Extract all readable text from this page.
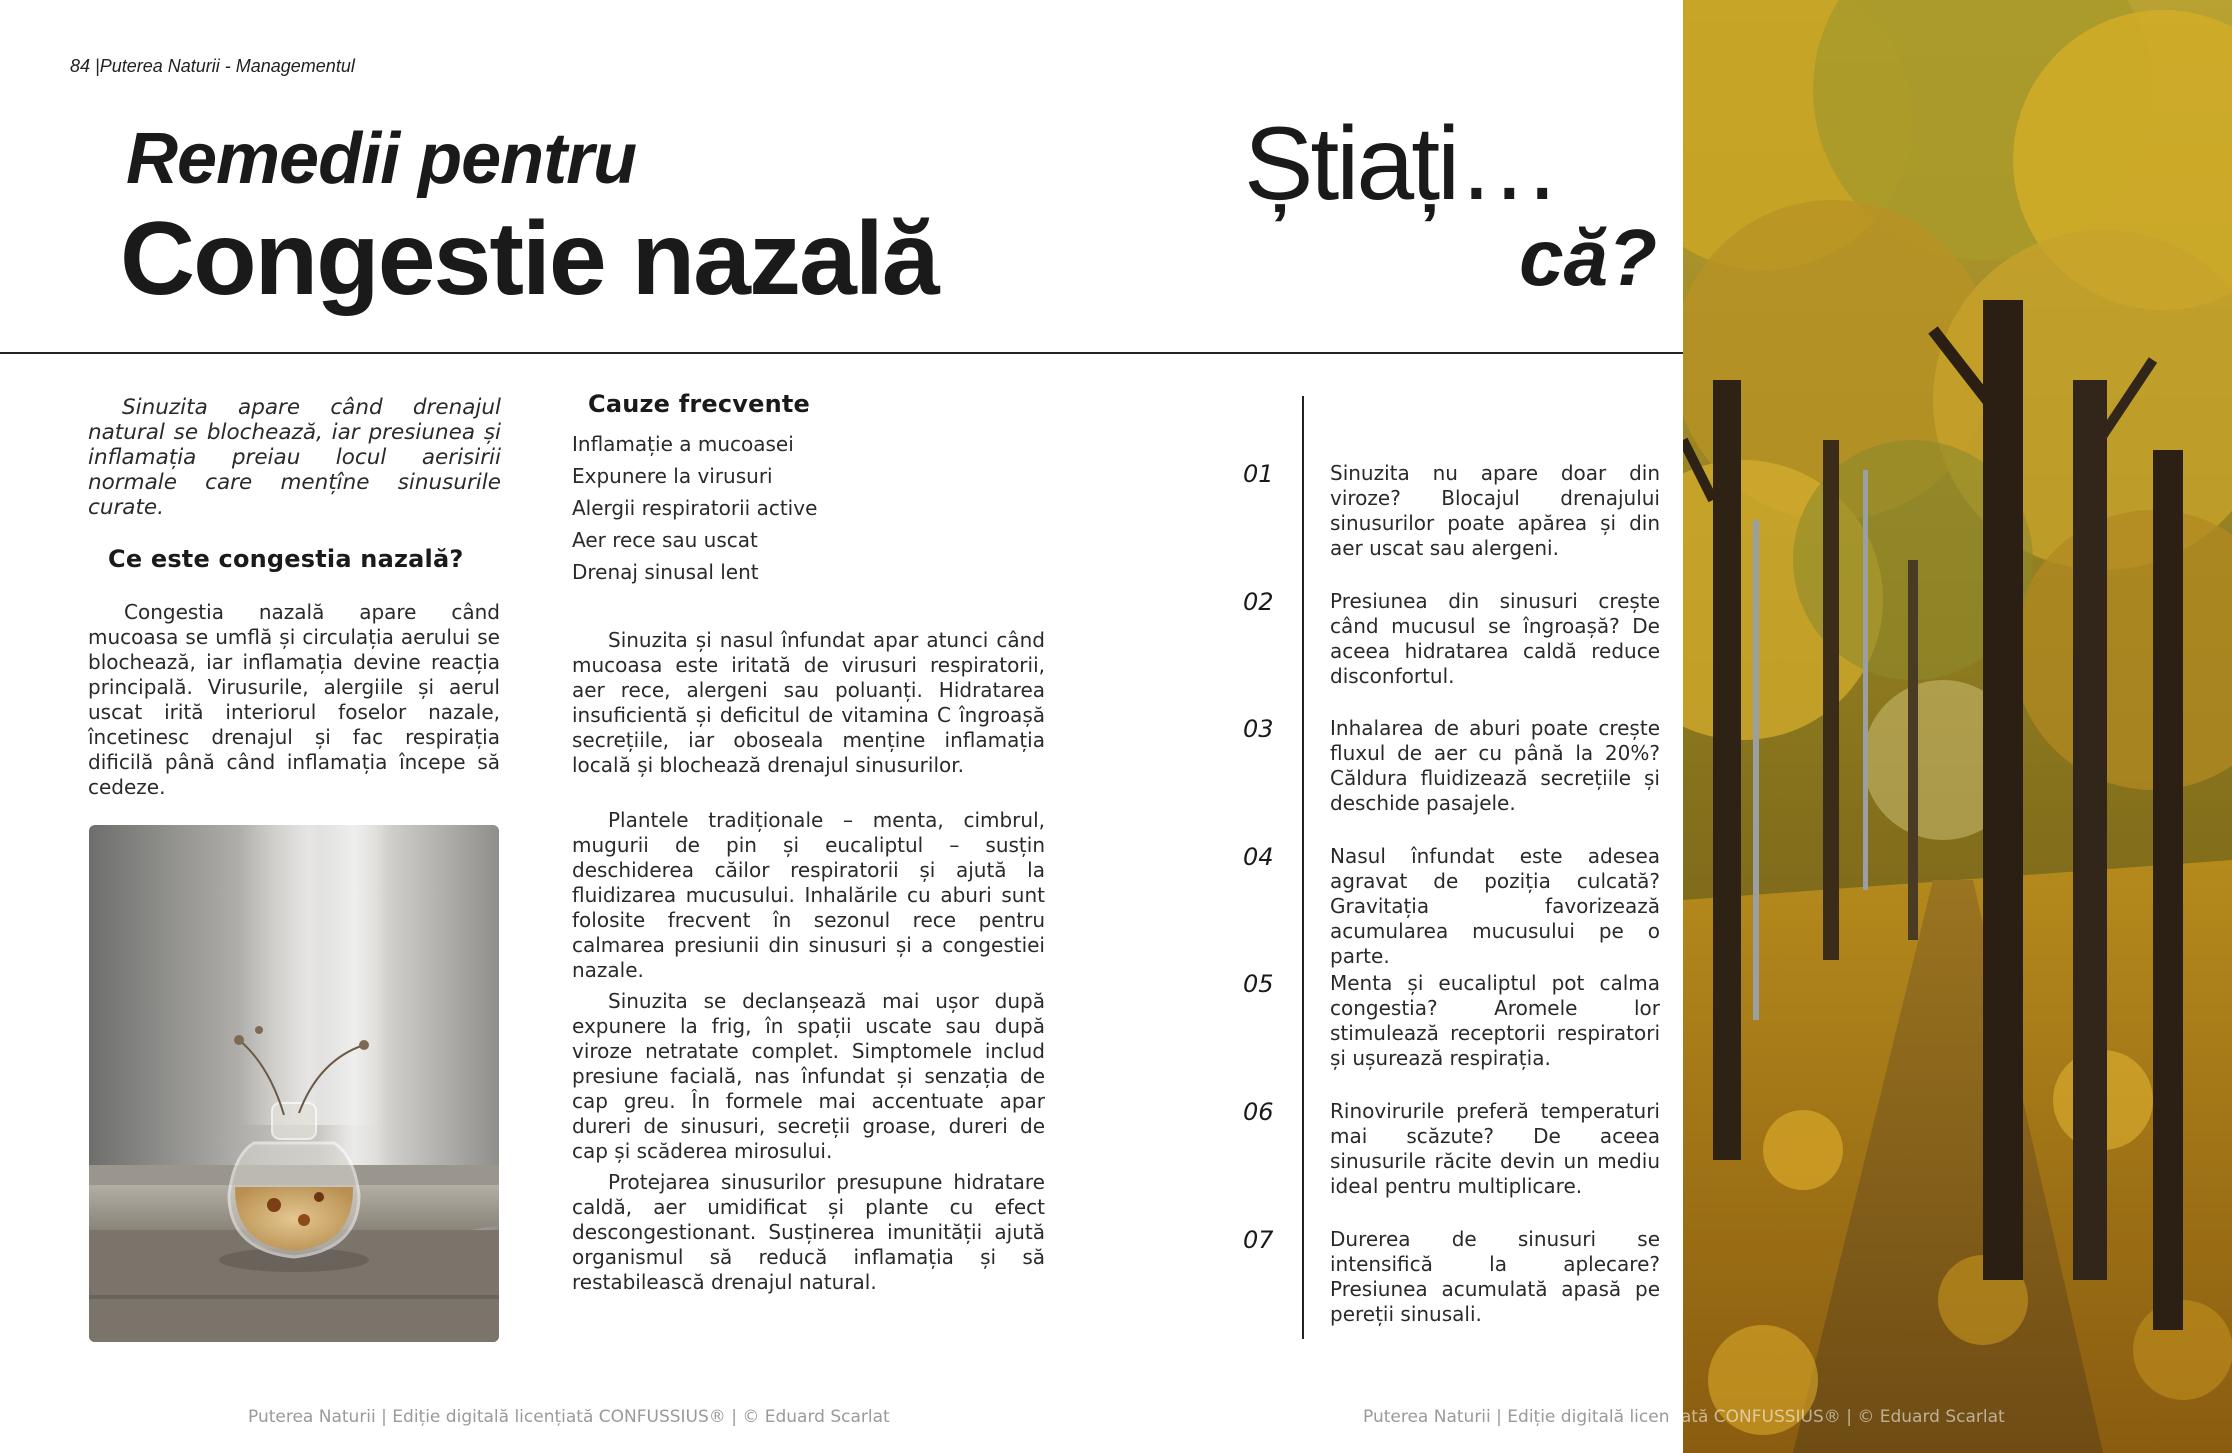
84 |Puterea Naturii - Managementul
Remedii pentru
Congestie nazală
Știați…
că?

Sinuzita apare când drenajul natural se blochează, iar presiunea și inflamația preiau locul aerisirii normale care mențîne sinusurile curate.

Ce este congestia nazală?

Congestia nazală apare când mucoasa se umflă și circulația aerului se blochează, iar inflamația devine reacția principală. Virusurile, alergiile și aerul uscat irită interiorul foselor nazale, încetinesc drenajul și fac respirația dificilă până când inflamația începe să cedeze.

Cauze frecvente
Inflamație a mucoasei
Expunere la virusuri
Alergii respiratorii active
Aer rece sau uscat
Drenaj sinusal lent

Sinuzita și nasul înfundat apar atunci când mucoasa este iritată de virusuri respiratorii, aer rece, alergeni sau poluanți. Hidratarea insuficientă și deficitul de vitamina C îngroașă secrețiile, iar oboseala menține inflamația locală și blochează drenajul sinusurilor.

Plantele tradiționale – menta, cimbrul, mugurii de pin și eucaliptul – susțin deschiderea căilor respiratorii și ajută la fluidizarea mucusului. Inhalările cu aburi sunt folosite frecvent în sezonul rece pentru calmarea presiunii din sinusuri și a congestiei nazale.

Sinuzita se declanșează mai ușor după expunere la frig, în spații uscate sau după viroze netratate complet. Simptomele includ presiune facială, nas înfundat și senzația de cap greu. În formele mai accentuate apar dureri de sinusuri, secreții groase, dureri de cap și scăderea mirosului.

Protejarea sinusurilor presupune hidratare caldă, aer umidificat și plante cu efect descongestionant. Susținerea imunității ajută organismul să reducă inflamația și să restabilească drenajul natural.

01	Sinuzita nu apare doar din viroze? Blocajul drenajului sinusurilor poate apărea și din aer uscat sau alergeni.

02	Presiunea din sinusuri crește când mucusul se îngroașă? De aceea hidratarea caldă reduce disconfortul.

03	Inhalarea de aburi poate crește fluxul de aer cu până la 20%? Căldura fluidizează secrețiile și deschide pasajele.

04	Nasul înfundat este adesea agravat de poziția culcată? Gravitația favorizează acumularea mucusului pe o parte.

05	Menta și eucaliptul pot calma congestia? Aromele lor stimulează receptorii respiratori și ușurează respirația.

06	Rinovirurile preferă temperaturi mai scăzute? De aceea sinusurile răcite devin un mediu ideal pentru multiplicare.

07	Durerea de sinusuri se intensifică la aplecare? Presiunea acumulată apasă pe pereții sinusali.

Puterea Naturii | Ediție digitală licențiată CONFUSSIUS® | © Eduard Scarlat	Puterea Naturii | Ediție digitală licențiată CONFUSSIUS® | © Eduard Scarlat
